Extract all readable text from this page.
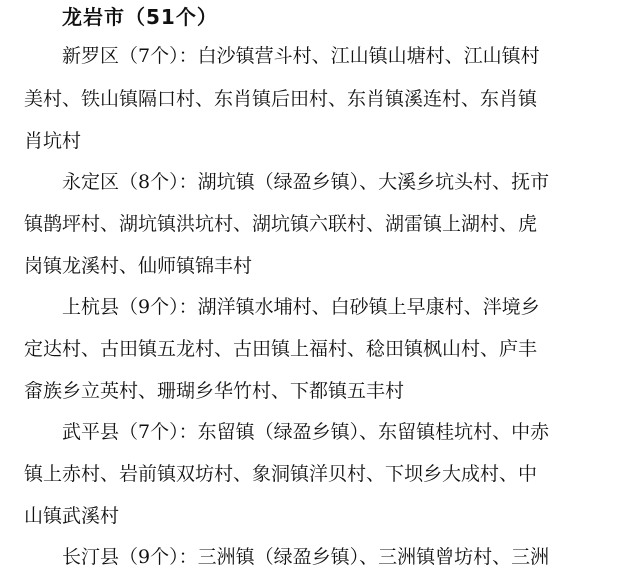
龙岩市（51个）

新罗区（7个）：白沙镇营斗村、江山镇山塘村、江山镇村

美村、铁山镇隔口村、东肖镇后田村、东肖镇溪连村、东肖镇

肖坑村

永定区（8个）：湖坑镇（绿盈乡镇）、大溪乡坑头村、抚市

镇鹊坪村、湖坑镇洪坑村、湖坑镇六联村、湖雷镇上湖村、虎

岗镇龙溪村、仙师镇锦丰村

上杭县（9个）：湖洋镇水埔村、白砂镇上早康村、泮境乡

定达村、古田镇五龙村、古田镇上福村、稔田镇枫山村、庐丰

畲族乡立英村、珊瑚乡华竹村、下都镇五丰村

武平县（7个）：东留镇（绿盈乡镇）、东留镇桂坑村、中赤

镇上赤村、岩前镇双坊村、象洞镇洋贝村、下坝乡大成村、中

山镇武溪村

长汀县（9个）：三洲镇（绿盈乡镇）、三洲镇曾坊村、三洲
